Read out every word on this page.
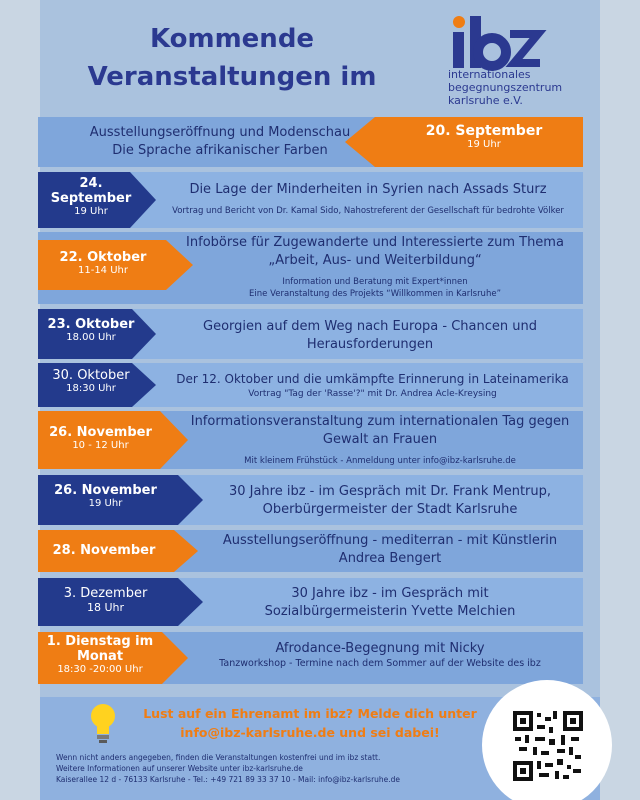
Kommende
Veranstaltungen im	internationales
begegnungszentrum
karlsruhe e.V.
Ausstellungseröffnung und Modenschau
Die Sprache afrikanischer Farben
20. September
19 Uhr
24.
September
19 Uhr
Die Lage der Minderheiten in Syrien nach Assads Sturz
Vortrag und Bericht von Dr. Kamal Sido, Nahostreferent der Gesellschaft für bedrohte Völker
22. Oktober
11-14 Uhr
Infobörse für Zugewanderte und Interessierte zum Thema
„Arbeit, Aus- und Weiterbildung“
Information und Beratung mit Expert*innen
Eine Veranstaltung des Projekts “Willkommen in Karlsruhe”
23. Oktober
18.00 Uhr
Georgien auf dem Weg nach Europa - Chancen und
Herausforderungen
30. Oktober
18:30 Uhr
Der 12. Oktober und die umkämpfte Erinnerung in Lateinamerika
Vortrag "Tag der 'Rasse'?" mit Dr. Andrea Acle-Kreysing
26. November
10 - 12 Uhr
Informationsveranstaltung zum internationalen Tag gegen
Gewalt an Frauen
Mit kleinem Frühstück - Anmeldung unter info@ibz-karlsruhe.de
26. November
19 Uhr
30 Jahre ibz - im Gespräch mit Dr. Frank Mentrup,
Oberbürgermeister der Stadt Karlsruhe
28. November
Ausstellungseröffnung - mediterran - mit Künstlerin
Andrea Bengert
3. Dezember
18 Uhr
30 Jahre ibz - im Gespräch mit
Sozialbürgermeisterin Yvette Melchien
1. Dienstag im
Monat
18:30 -20:00 Uhr
Afrodance-Begegnung mit Nicky
Tanzworkshop - Termine nach dem Sommer auf der Website des ibz
Lust auf ein Ehrenamt im ibz? Melde dich unter
info@ibz-karlsruhe.de und sei dabei!
Wenn nicht anders angegeben, finden die Veranstaltungen kostenfrei und im ibz statt.
Weitere Informationen auf unserer Website unter ibz-karlsruhe.de
Kaiserallee 12 d - 76133 Karlsruhe - Tel.: +49 721 89 33 37 10 - Mail: info@ibz-karlsruhe.de
